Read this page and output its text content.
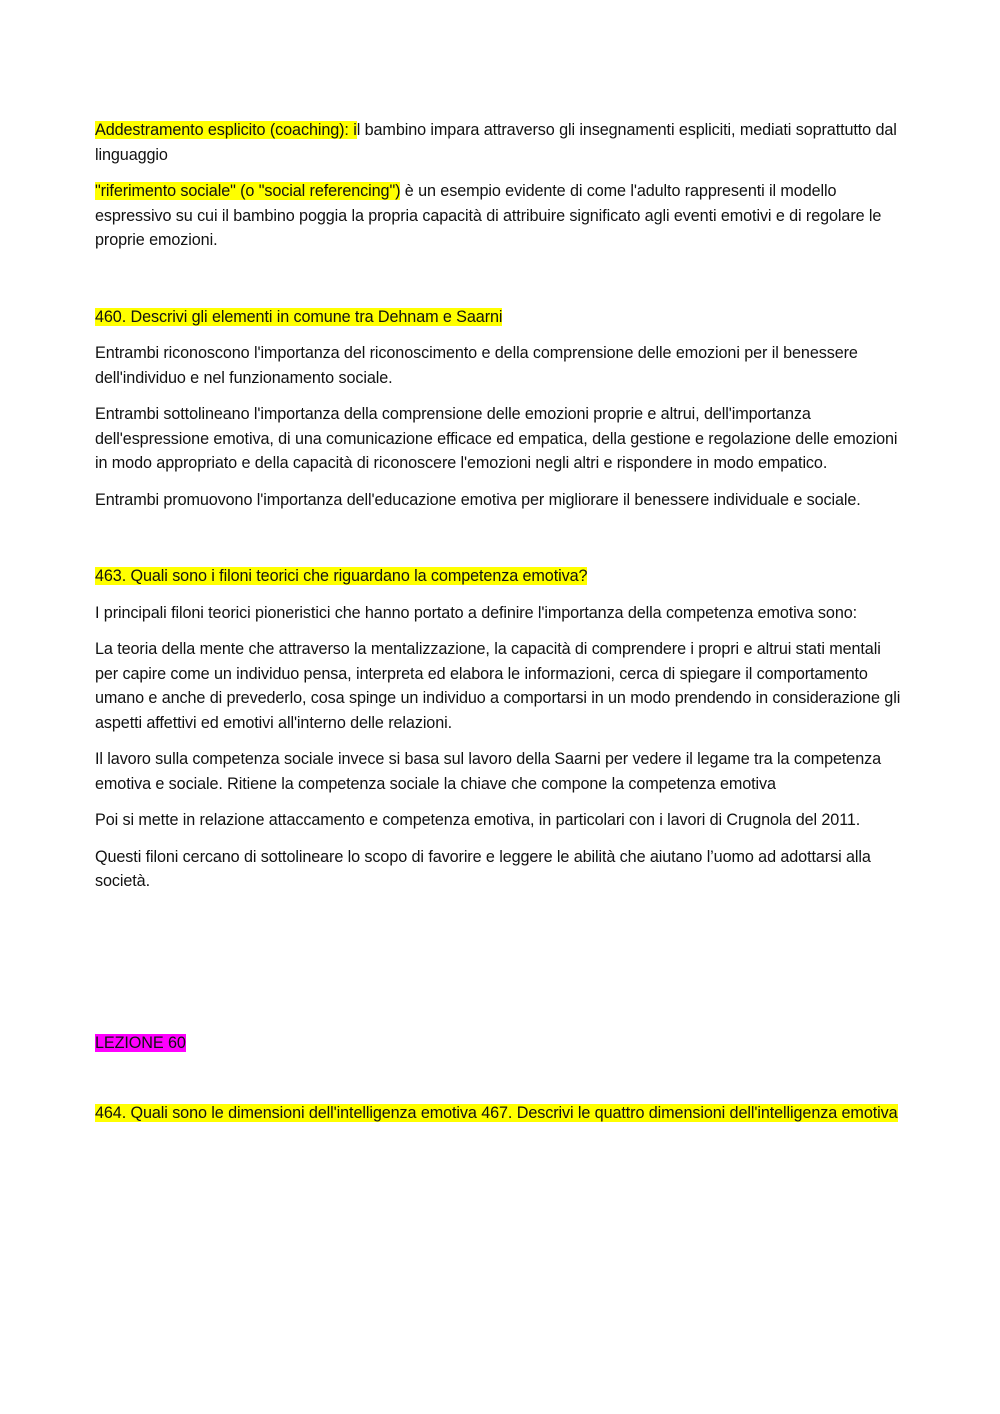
Addestramento esplicito (coaching): il bambino impara attraverso gli insegnamenti espliciti, mediati soprattutto dal linguaggio

"riferimento sociale" (o "social referencing") è un esempio evidente di come l'adulto rappresenti il modello espressivo su cui il bambino poggia la propria capacità di attribuire significato agli eventi emotivi e di regolare le proprie emozioni.

460. Descrivi gli elementi in comune tra Dehnam e Saarni

Entrambi riconoscono l'importanza del riconoscimento e della comprensione delle emozioni per il benessere dell'individuo e nel funzionamento sociale.

Entrambi sottolineano l'importanza della comprensione delle emozioni proprie e altrui, dell'importanza dell'espressione emotiva, di una comunicazione efficace ed empatica, della gestione e regolazione delle emozioni in modo appropriato e della capacità di riconoscere l'emozioni negli altri e rispondere in modo empatico.

Entrambi promuovono l'importanza dell'educazione emotiva per migliorare il benessere individuale e sociale.

463. Quali sono i filoni teorici che riguardano la competenza emotiva?

I principali filoni teorici pioneristici che hanno portato a definire l'importanza della competenza emotiva sono:

La teoria della mente che attraverso la mentalizzazione, la capacità di comprendere i propri e altrui stati mentali per capire come un individuo pensa, interpreta ed elabora le informazioni, cerca di spiegare il comportamento umano e anche di prevederlo, cosa spinge un individuo a comportarsi in un modo prendendo in considerazione gli aspetti affettivi ed emotivi all'interno delle relazioni.

Il lavoro sulla competenza sociale invece si basa sul lavoro della Saarni per vedere il legame tra la competenza emotiva e sociale. Ritiene la competenza sociale la chiave che compone la competenza emotiva

Poi si mette in relazione attaccamento e competenza emotiva, in particolari con i lavori di Crugnola del 2011.

Questi filoni cercano di sottolineare lo scopo di favorire e leggere le abilità che aiutano l’uomo ad adottarsi alla società.

LEZIONE 60

464. Quali sono le dimensioni dell'intelligenza emotiva 467. Descrivi le quattro dimensioni dell'intelligenza emotiva
